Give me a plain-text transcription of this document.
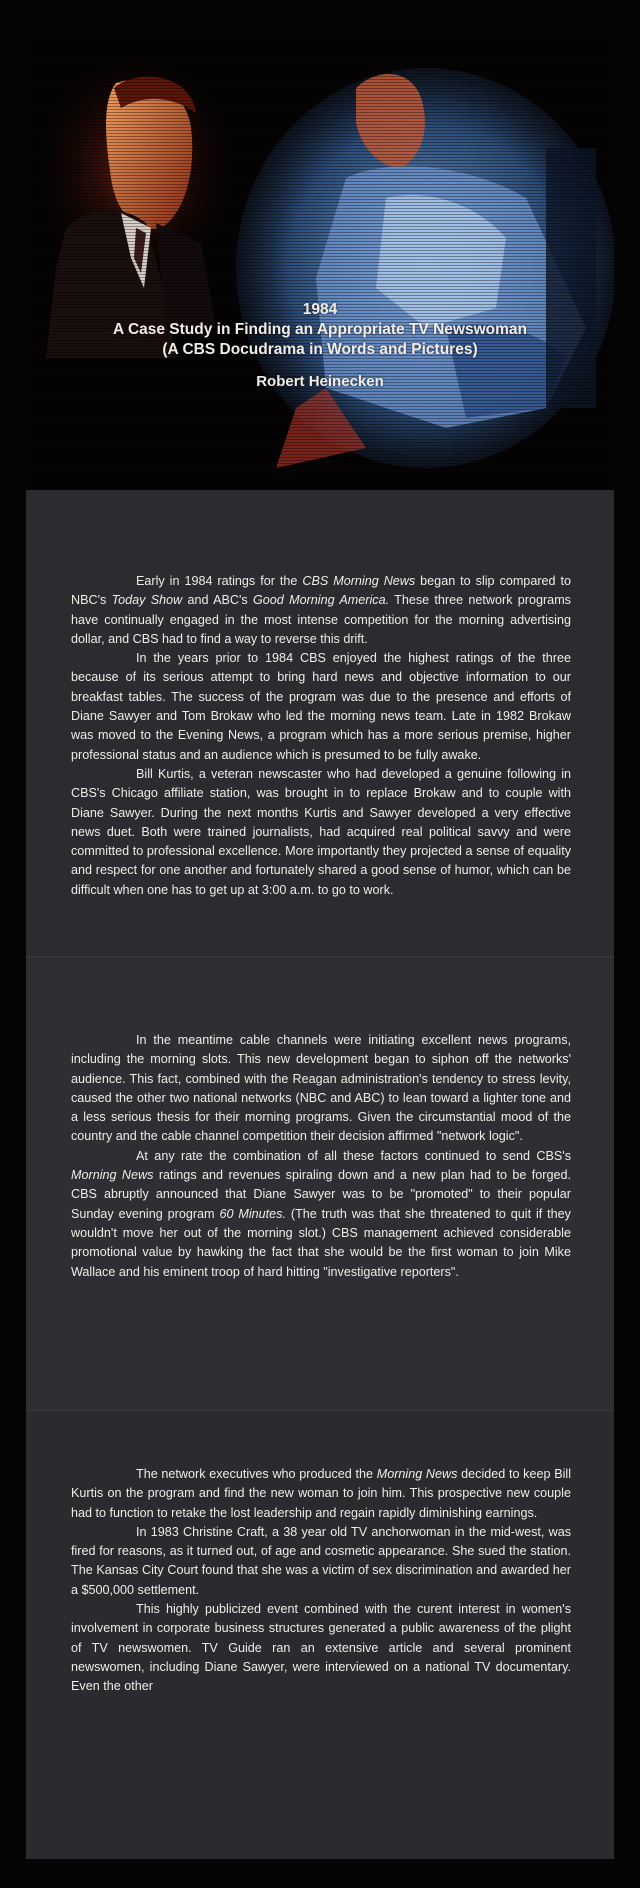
1984
A Case Study in Finding an Appropriate TV Newswoman
(A CBS Docudrama in Words and Pictures)
Robert Heinecken

Early in 1984 ratings for the CBS Morning News began to slip compared to NBC's Today Show and ABC's Good Morning America. These three network programs have continually engaged in the most intense competition for the morning advertising dollar, and CBS had to find a way to reverse this drift.

In the years prior to 1984 CBS enjoyed the highest ratings of the three because of its serious attempt to bring hard news and objective information to our breakfast tables. The success of the program was due to the presence and efforts of Diane Sawyer and Tom Brokaw who led the morning news team. Late in 1982 Brokaw was moved to the Evening News, a program which has a more serious premise, higher professional status and an audience which is presumed to be fully awake.

Bill Kurtis, a veteran newscaster who had developed a genuine following in CBS's Chicago affiliate station, was brought in to replace Brokaw and to couple with Diane Sawyer. During the next months Kurtis and Sawyer developed a very effective news duet. Both were trained journalists, had acquired real political savvy and were committed to professional excellence. More importantly they projected a sense of equality and respect for one another and fortunately shared a good sense of humor, which can be difficult when one has to get up at 3:00 a.m. to go to work.

In the meantime cable channels were initiating excellent news programs, including the morning slots. This new development began to siphon off the networks' audience. This fact, combined with the Reagan administration's tendency to stress levity, caused the other two national networks (NBC and ABC) to lean toward a lighter tone and a less serious thesis for their morning programs. Given the circumstantial mood of the country and the cable channel competition their decision affirmed "network logic".

At any rate the combination of all these factors continued to send CBS's Morning News ratings and revenues spiraling down and a new plan had to be forged. CBS abruptly announced that Diane Sawyer was to be "promoted" to their popular Sunday evening program 60 Minutes. (The truth was that she threatened to quit if they wouldn't move her out of the morning slot.) CBS management achieved considerable promotional value by hawking the fact that she would be the first woman to join Mike Wallace and his eminent troop of hard hitting "investigative reporters".

The network executives who produced the Morning News decided to keep Bill Kurtis on the program and find the new woman to join him. This prospective new couple had to function to retake the lost leadership and regain rapidly diminishing earnings.

In 1983 Christine Craft, a 38 year old TV anchorwoman in the mid-west, was fired for reasons, as it turned out, of age and cosmetic appearance. She sued the station. The Kansas City Court found that she was a victim of sex discrimination and awarded her a $500,000 settlement.

This highly publicized event combined with the curent interest in women's involvement in corporate business structures generated a public awareness of the plight of TV newswomen. TV Guide ran an extensive article and several prominent newswomen, including Diane Sawyer, were interviewed on a national TV documentary. Even the other
